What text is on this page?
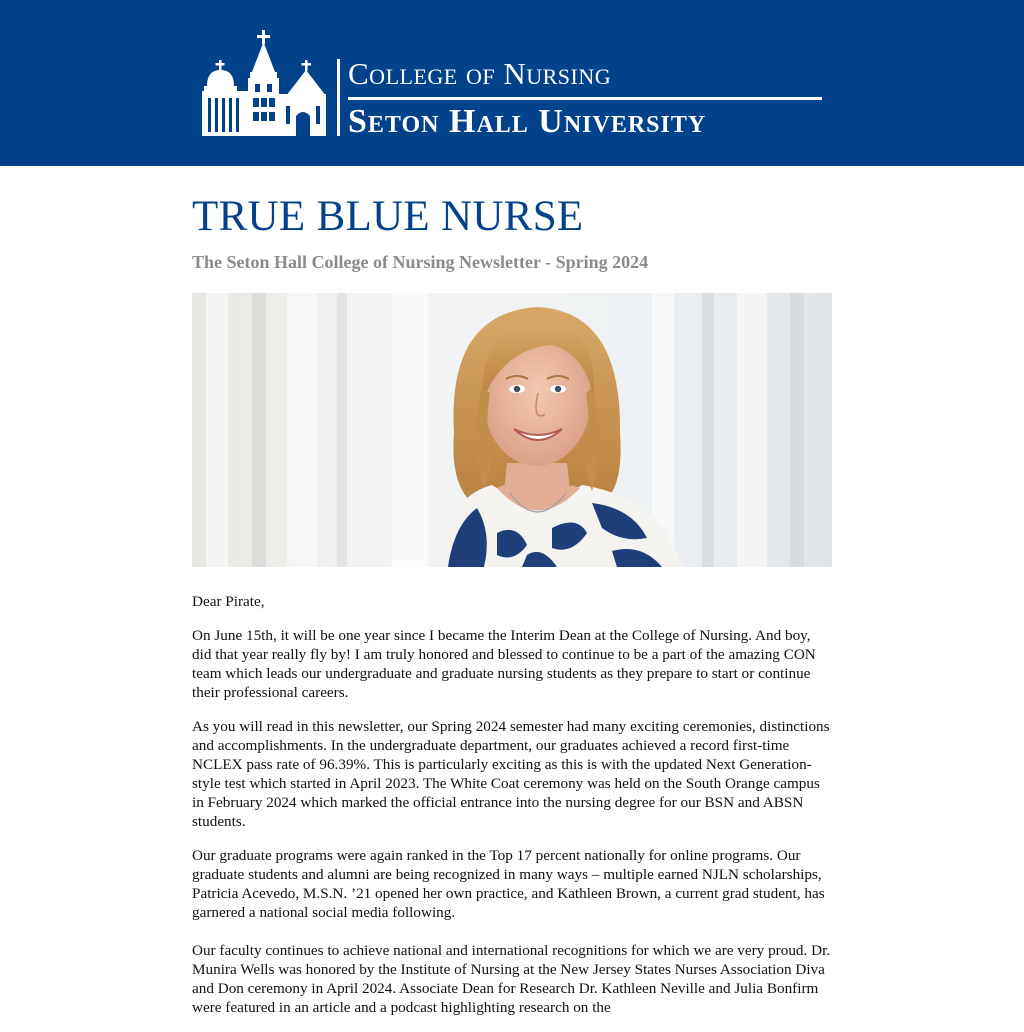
College of Nursing
Seton Hall University
TRUE BLUE NURSE
The Seton Hall College of Nursing Newsletter - Spring 2024

Dear Pirate,

On June 15th, it will be one year since I became the Interim Dean at the College of Nursing. And boy, did that year really fly by! I am truly honored and blessed to continue to be a part of the amazing CON team which leads our undergraduate and graduate nursing students as they prepare to start or continue their professional careers.

As you will read in this newsletter, our Spring 2024 semester had many exciting ceremonies, distinctions and accomplishments. In the undergraduate department, our graduates achieved a record first-time NCLEX pass rate of 96.39%. This is particularly exciting as this is with the updated Next Generation-style test which started in April 2023. The White Coat ceremony was held on the South Orange campus in February 2024 which marked the official entrance into the nursing degree for our BSN and ABSN students.

Our graduate programs were again ranked in the Top 17 percent nationally for online programs. Our graduate students and alumni are being recognized in many ways – multiple earned NJLN scholarships, Patricia Acevedo, M.S.N. ’21 opened her own practice, and Kathleen Brown, a current grad student, has garnered a national social media following.

Our faculty continues to achieve national and international recognitions for which we are very proud. Dr. Munira Wells was honored by the Institute of Nursing at the New Jersey States Nurses Association Diva and Don ceremony in April 2024. Associate Dean for Research Dr. Kathleen Neville and Julia Bonfirm were featured in an article and a podcast highlighting research on the
